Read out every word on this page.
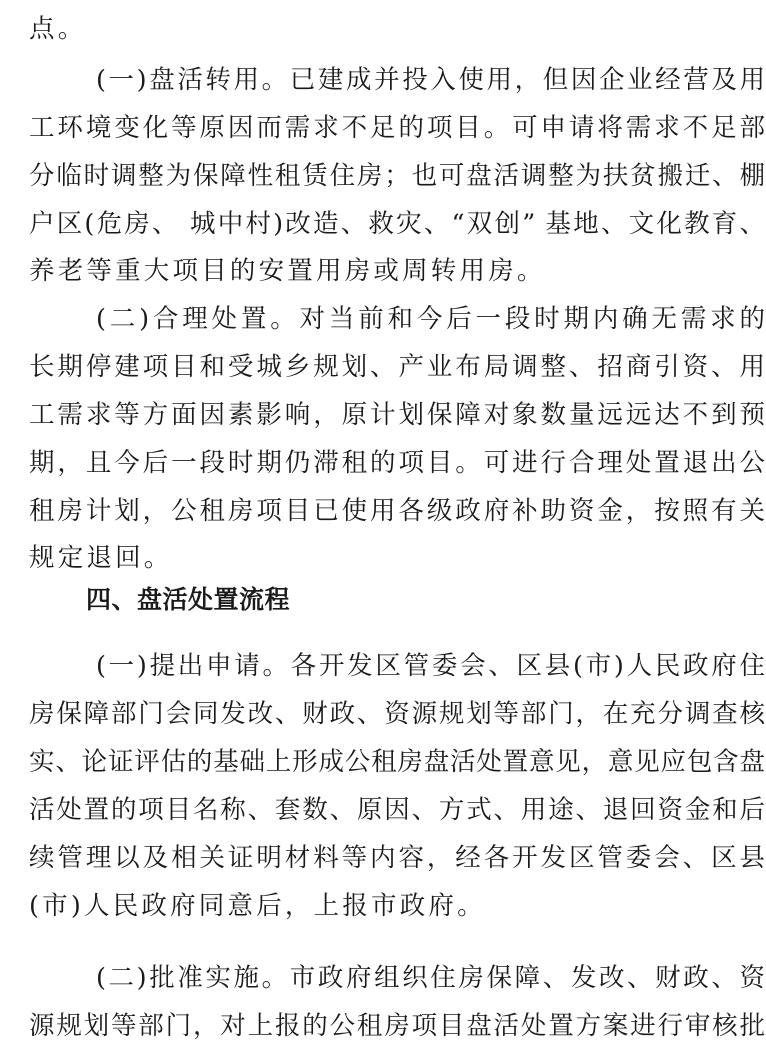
点。
(一)盘活转用。已建成并投入使用，但因企业经营及用
工环境变化等原因而需求不足的项目。可申请将需求不足部
分临时调整为保障性租赁住房；也可盘活调整为扶贫搬迁、棚
户区(危房、 城中村)改造、救灾、“双创” 基地、文化教育、
养老等重大项目的安置用房或周转用房。
(二)合理处置。对当前和今后一段时期内确无需求的
长期停建项目和受城乡规划、产业布局调整、招商引资、用
工需求等方面因素影响，原计划保障对象数量远远达不到预
期，且今后一段时期仍滞租的项目。可进行合理处置退出公
租房计划，公租房项目已使用各级政府补助资金，按照有关
规定退回。
四、盘活处置流程
(一)提出申请。各开发区管委会、区县(市)人民政府住
房保障部门会同发改、财政、资源规划等部门，在充分调查核
实、论证评估的基础上形成公租房盘活处置意见，意见应包含盘
活处置的项目名称、套数、原因、方式、用途、退回资金和后
续管理以及相关证明材料等内容，经各开发区管委会、区县
(市)人民政府同意后，上报市政府。
(二)批准实施。市政府组织住房保障、发改、财政、资
源规划等部门，对上报的公租房项目盘活处置方案进行审核批
